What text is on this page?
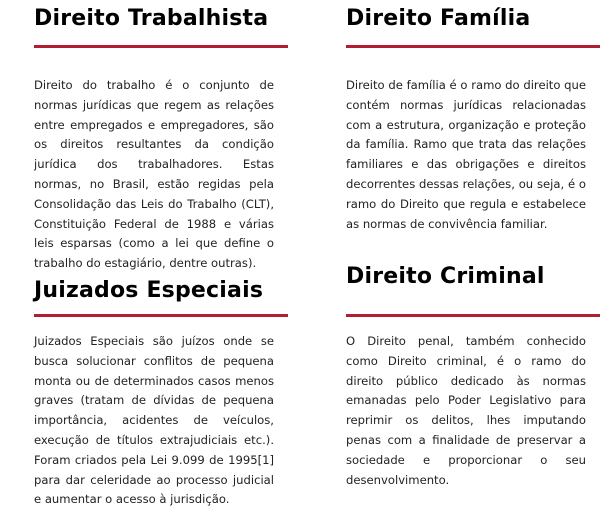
Direito Trabalhista

Direito do trabalho é o conjunto de normas jurídicas que regem as relações entre empregados e empregadores, são os direitos resultantes da condição jurídica dos trabalhadores. Estas normas, no Brasil, estão regidas pela Consolidação das Leis do Trabalho (CLT), Constituição Federal de 1988 e várias leis esparsas (como a lei que define o trabalho do estagiário, dentre outras).

Direito Família

Direito de família é o ramo do direito que contém normas jurídicas relacionadas com a estrutura, organização e proteção da família. Ramo que trata das relações familiares e das obrigações e direitos decorrentes dessas relações, ou seja, é o ramo do Direito que regula e estabelece as normas de convivência familiar.

Juizados Especiais

Juizados Especiais são juízos onde se busca solucionar conflitos de pequena monta ou de determinados casos menos graves (tratam de dívidas de pequena importância, acidentes de veículos, execução de títulos extrajudiciais etc.). Foram criados pela Lei 9.099 de 1995[1] para dar celeridade ao processo judicial e aumentar o acesso à jurisdição.

Direito Criminal

O Direito penal, também conhecido como Direito criminal, é o ramo do direito público dedicado às normas emanadas pelo Poder Legislativo para reprimir os delitos, lhes imputando penas com a finalidade de preservar a sociedade e proporcionar o seu desenvolvimento.
